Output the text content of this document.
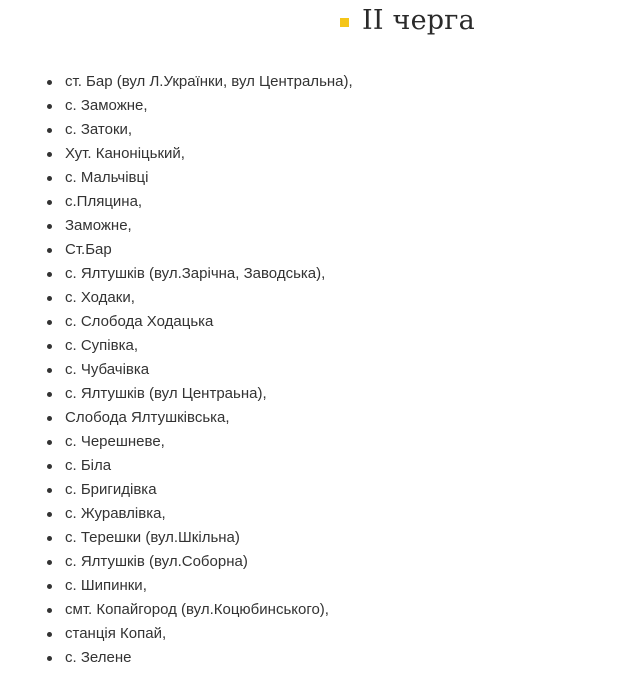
II черга
ст. Бар (вул Л.Українки, вул Центральна),
с. Заможне,
с. Затоки,
Хут. Каноніцький,
с. Мальчівці
с.Пляцина,
Заможне,
Ст.Бар
с. Ялтушків (вул.Зарічна, Заводська),
с. Ходаки,
с. Слобода Ходацька
с. Супівка,
с. Чубачівка
с. Ялтушків (вул Центраьна),
Слобода Ялтушківська,
с. Черешневе,
с. Біла
с. Бригидівка
с. Журавлівка,
с. Терешки (вул.Шкільна)
с. Ялтушків (вул.Соборна)
с. Шипинки,
смт. Копайгород (вул.Коцюбинського),
станція Копай,
с. Зелене
